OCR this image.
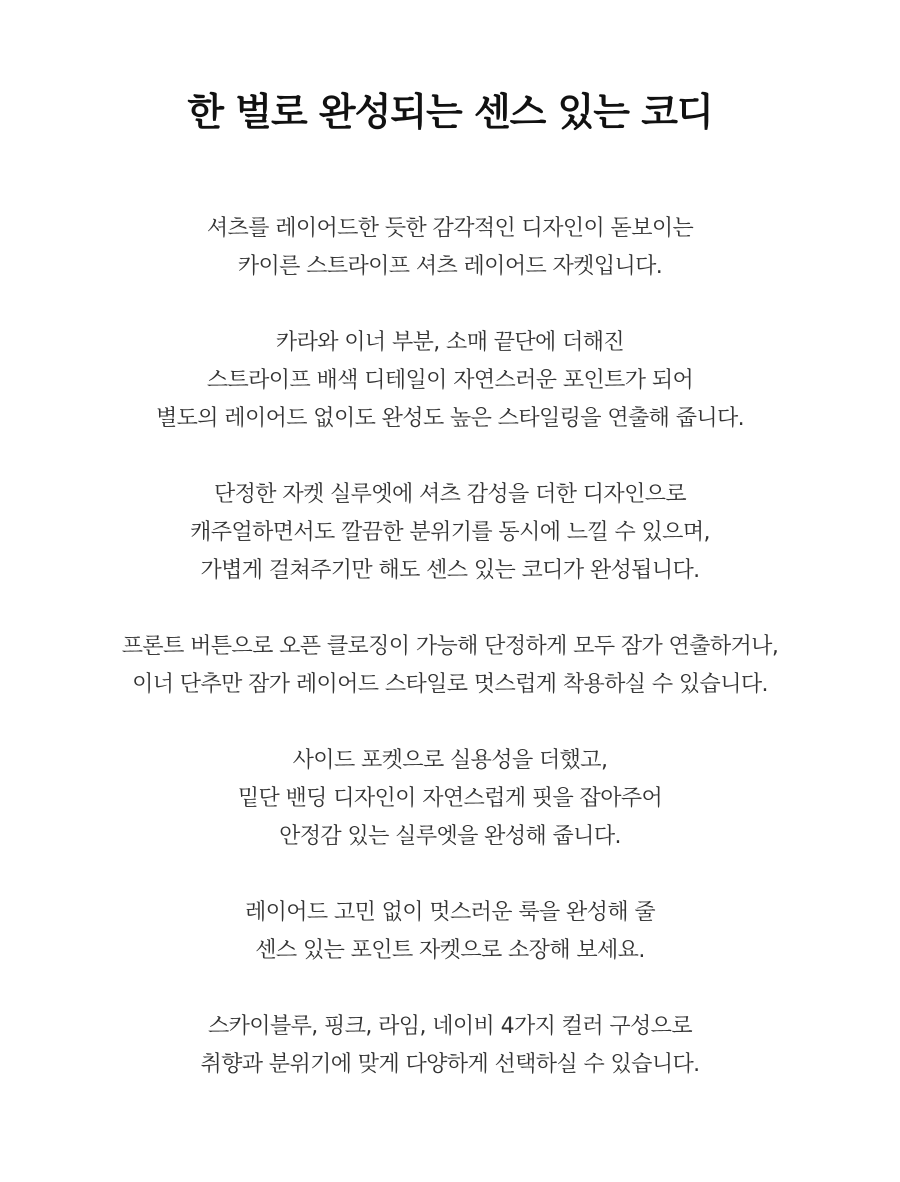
한 벌로 완성되는 센스 있는 코디

셔츠를 레이어드한 듯한 감각적인 디자인이 돋보이는
카이른 스트라이프 셔츠 레이어드 자켓입니다.

카라와 이너 부분, 소매 끝단에 더해진
스트라이프 배색 디테일이 자연스러운 포인트가 되어
별도의 레이어드 없이도 완성도 높은 스타일링을 연출해 줍니다.

단정한 자켓 실루엣에 셔츠 감성을 더한 디자인으로
캐주얼하면서도 깔끔한 분위기를 동시에 느낄 수 있으며,
가볍게 걸쳐주기만 해도 센스 있는 코디가 완성됩니다.

프론트 버튼으로 오픈 클로징이 가능해 단정하게 모두 잠가 연출하거나,
이너 단추만 잠가 레이어드 스타일로 멋스럽게 착용하실 수 있습니다.

사이드 포켓으로 실용성을 더했고,
밑단 밴딩 디자인이 자연스럽게 핏을 잡아주어
안정감 있는 실루엣을 완성해 줍니다.

레이어드 고민 없이 멋스러운 룩을 완성해 줄
센스 있는 포인트 자켓으로 소장해 보세요.

스카이블루, 핑크, 라임, 네이비 4가지 컬러 구성으로
취향과 분위기에 맞게 다양하게 선택하실 수 있습니다.
